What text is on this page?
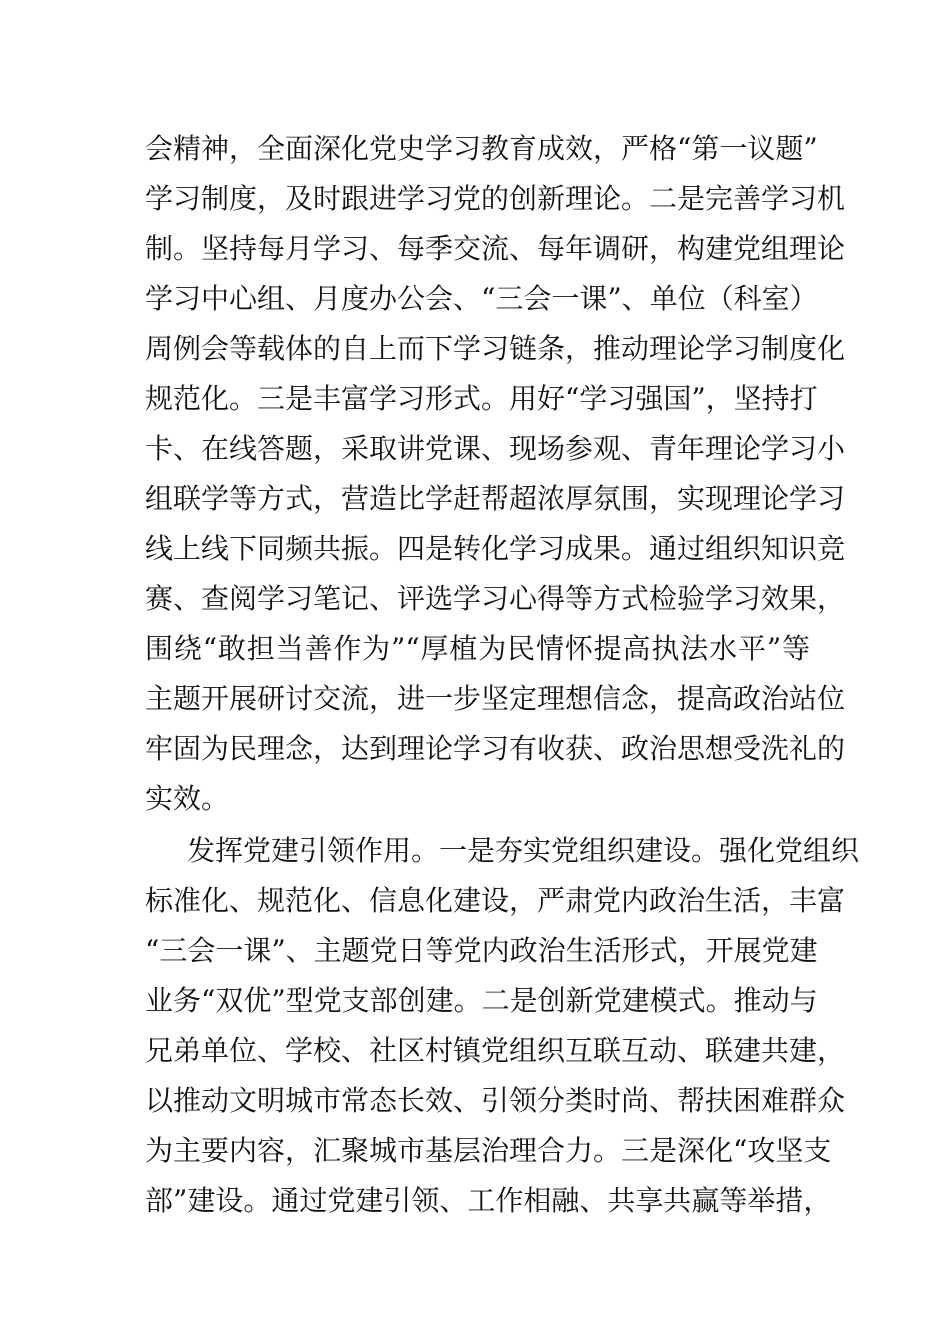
会精神，全面深化党史学习教育成效，严格“第一议题”
学习制度，及时跟进学习党的创新理论。二是完善学习机
制。坚持每月学习、每季交流、每年调研，构建党组理论
学习中心组、月度办公会、“三会一课”、单位（科室）
周例会等载体的自上而下学习链条，推动理论学习制度化
规范化。三是丰富学习形式。用好“学习强国”，坚持打
卡、在线答题，采取讲党课、现场参观、青年理论学习小
组联学等方式，营造比学赶帮超浓厚氛围，实现理论学习
线上线下同频共振。四是转化学习成果。通过组织知识竞
赛、查阅学习笔记、评选学习心得等方式检验学习效果，
围绕“敢担当善作为”“厚植为民情怀提高执法水平”等
主题开展研讨交流，进一步坚定理想信念，提高政治站位
牢固为民理念，达到理论学习有收获、政治思想受洗礼的
实效。
发挥党建引领作用。一是夯实党组织建设。强化党组织
标准化、规范化、信息化建设，严肃党内政治生活，丰富
“三会一课”、主题党日等党内政治生活形式，开展党建
业务“双优”型党支部创建。二是创新党建模式。推动与
兄弟单位、学校、社区村镇党组织互联互动、联建共建，
以推动文明城市常态长效、引领分类时尚、帮扶困难群众
为主要内容，汇聚城市基层治理合力。三是深化“攻坚支
部”建设。通过党建引领、工作相融、共享共赢等举措，
